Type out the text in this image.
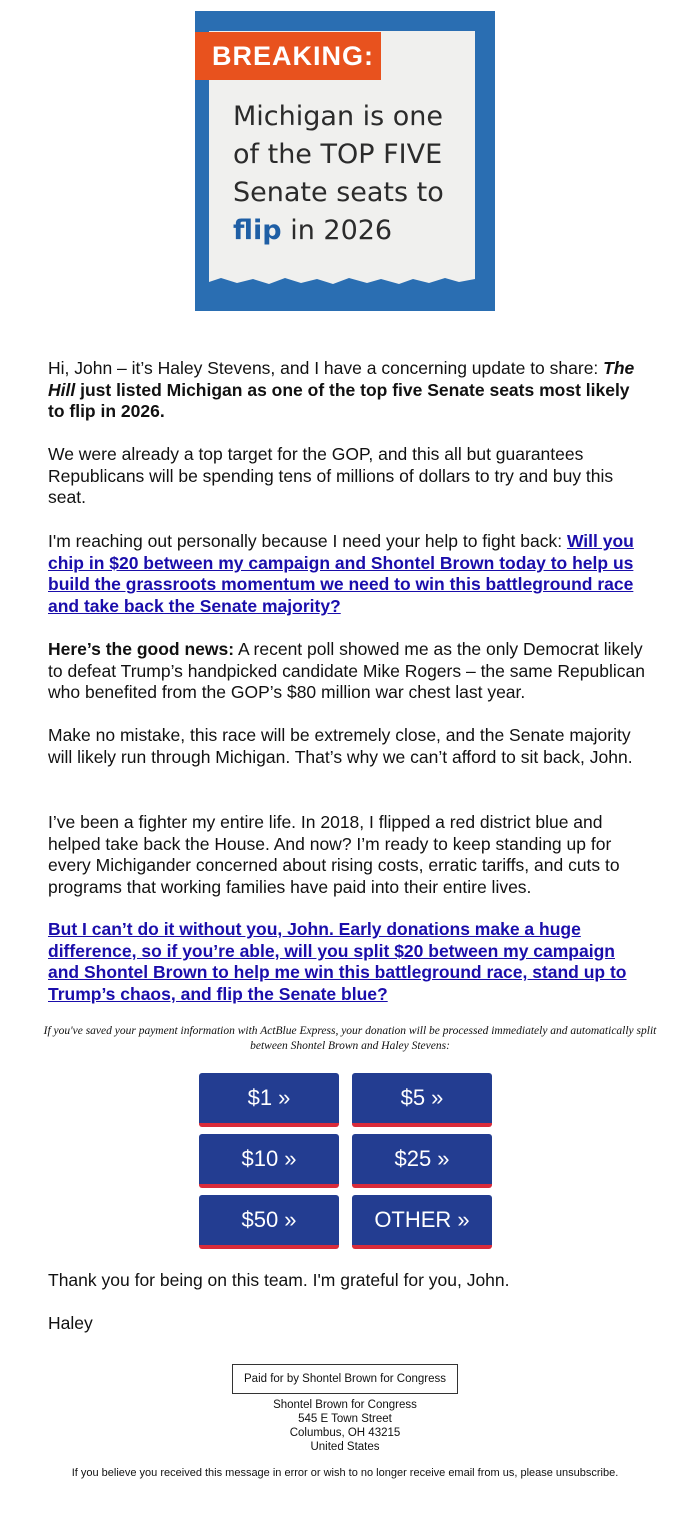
BREAKING:
Michigan is one
of the TOP FIVE
Senate seats to
flip in 2026

Hi, John – it’s Haley Stevens, and I have a concerning update to share: The Hill just listed Michigan as one of the top five Senate seats most likely to flip in 2026.

We were already a top target for the GOP, and this all but guarantees Republicans will be spending tens of millions of dollars to try and buy this seat.

I'm reaching out personally because I need your help to fight back: Will you chip in $20 between my campaign and Shontel Brown today to help us build the grassroots momentum we need to win this battleground race and take back the Senate majority?

Here’s the good news: A recent poll showed me as the only Democrat likely to defeat Trump’s handpicked candidate Mike Rogers – the same Republican who benefited from the GOP’s $80 million war chest last year.

Make no mistake, this race will be extremely close, and the Senate majority will likely run through Michigan. That’s why we can’t afford to sit back, John.

I’ve been a fighter my entire life. In 2018, I flipped a red district blue and helped take back the House. And now? I’m ready to keep standing up for every Michigander concerned about rising costs, erratic tariffs, and cuts to programs that working families have paid into their entire lives.

But I can’t do it without you, John. Early donations make a huge difference, so if you’re able, will you split $20 between my campaign and Shontel Brown to help me win this battleground race, stand up to Trump’s chaos, and flip the Senate blue?

If you've saved your payment information with ActBlue Express, your donation will be processed immediately and automatically split between Shontel Brown and Haley Stevens:
$1 »	$5 »
$10 »	$25 »
$50 »	OTHER »

Thank you for being on this team. I'm grateful for you, John.

Haley

Paid for by Shontel Brown for Congress
Shontel Brown for Congress
545 E Town Street
Columbus, OH 43215
United States
If you believe you received this message in error or wish to no longer receive email from us, please unsubscribe.
